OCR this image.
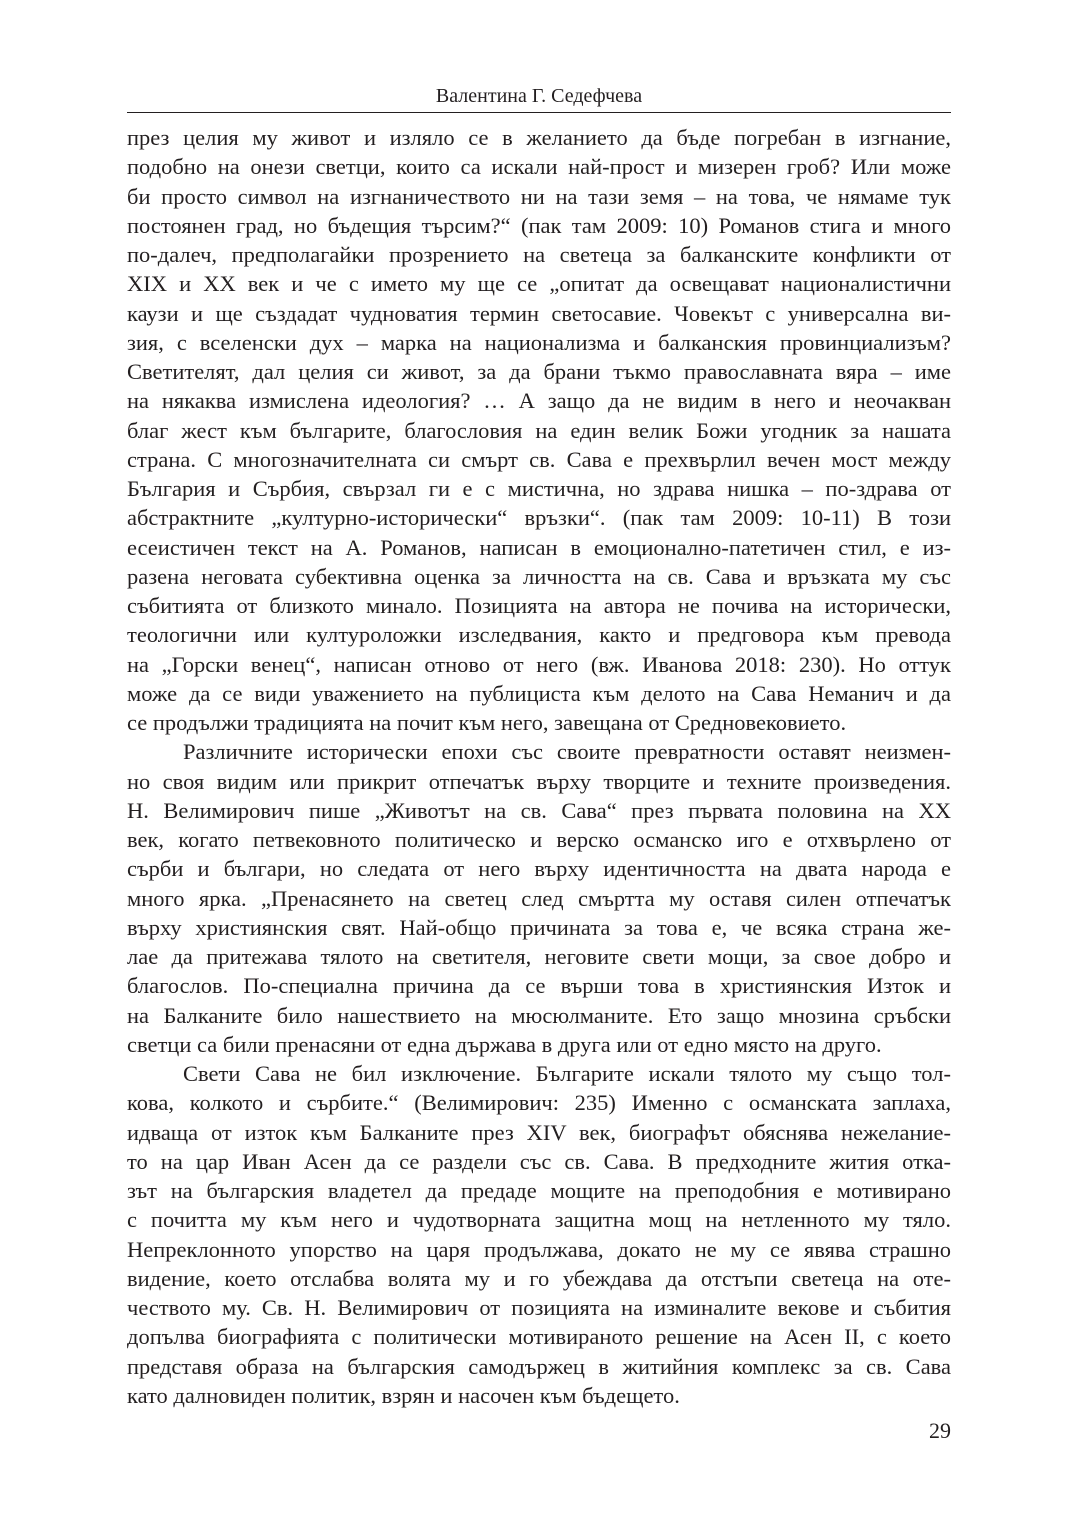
Валентина Г. Седефчева
през целия му живот и изляло се в желанието да бъде погребан в изгнание,
подобно на онези светци, които са искали най-прост и мизерен гроб? Или може
би просто символ на изгнаничеството ни на тази земя – на това, че нямаме тук
постоянен град, но бъдещия търсим?“ (пак там 2009: 10) Романов стига и много
по-далеч, предполагайки прозрението на светеца за балканските конфликти от
ХІХ и ХХ век и че с името му ще се „опитат да освещават националистични
каузи и ще създадат чудноватия термин светосавие. Човекът с универсална ви-
зия, с вселенски дух – марка на национализма и балканския провинциализъм?
Светителят, дал целия си живот, за да брани тъкмо православната вяра – име
на някаква измислена идеология? … А защо да не видим в него и неочакван
благ жест към българите, благословия на един велик Божи угодник за нашата
страна. С многозначителната си смърт св. Сава е прехвърлил вечен мост между
България и Сърбия, свързал ги е с мистична, но здрава нишка – по-здрава от
абстрактните „културно-исторически“ връзки“. (пак там 2009: 10-11) В този
есеистичен текст на А. Романов, написан в емоционално-патетичен стил, е из-
разена неговата субективна оценка за личността на св. Сава и връзката му със
събитията от близкото минало. Позицията на автора не почива на исторически,
теологични или културоложки изследвания, както и предговора към превода
на „Горски венец“, написан отново от него (вж. Иванова 2018: 230). Но оттук
може да се види уважението на публициста към делото на Сава Неманич и да
се продължи традицията на почит към него, завещана от Средновековието.
Различните исторически епохи със своите превратности оставят неизмен-
но своя видим или прикрит отпечатък върху творците и техните произведения.
Н. Велимирович пише „Животът на св. Сава“ през първата половина на ХХ
век, когато петвековното политическо и верско османско иго е отхвърлено от
сърби и българи, но следата от него върху идентичността на двата народа е
много ярка. „Пренасянето на светец след смъртта му оставя силен отпечатък
върху християнския свят. Най-общо причината за това е, че всяка страна же-
лае да притежава тялото на светителя, неговите свети мощи, за свое добро и
благослов. По-специална причина да се върши това в християнския Изток и
на Балканите било нашествието на мюсюлманите. Ето защо мнозина сръбски
светци са били пренасяни от една държава в друга или от едно място на друго.
Свети Сава не бил изключение. Българите искали тялото му също тол-
кова, колкото и сърбите.“ (Велимирович: 235) Именно с османската заплаха,
идваща от изток към Балканите през ХІV век, биографът обяснява нежелание-
то на цар Иван Асен да се раздели със св. Сава. В предходните жития отка-
зът на българския владетел да предаде мощите на преподобния е мотивирано
с почитта му към него и чудотворната защитна мощ на нетленното му тяло.
Непреклонното упорство на царя продължава, докато не му се явява страшно
видение, което отслабва волята му и го убеждава да отстъпи светеца на оте-
чеството му. Св. Н. Велимирович от позицията на изминалите векове и събития
допълва биографията с политически мотивираното решение на Асен ІІ, с което
представя образа на българския самодържец в житийния комплекс за св. Сава
като далновиден политик, взрян и насочен към бъдещето.
29
